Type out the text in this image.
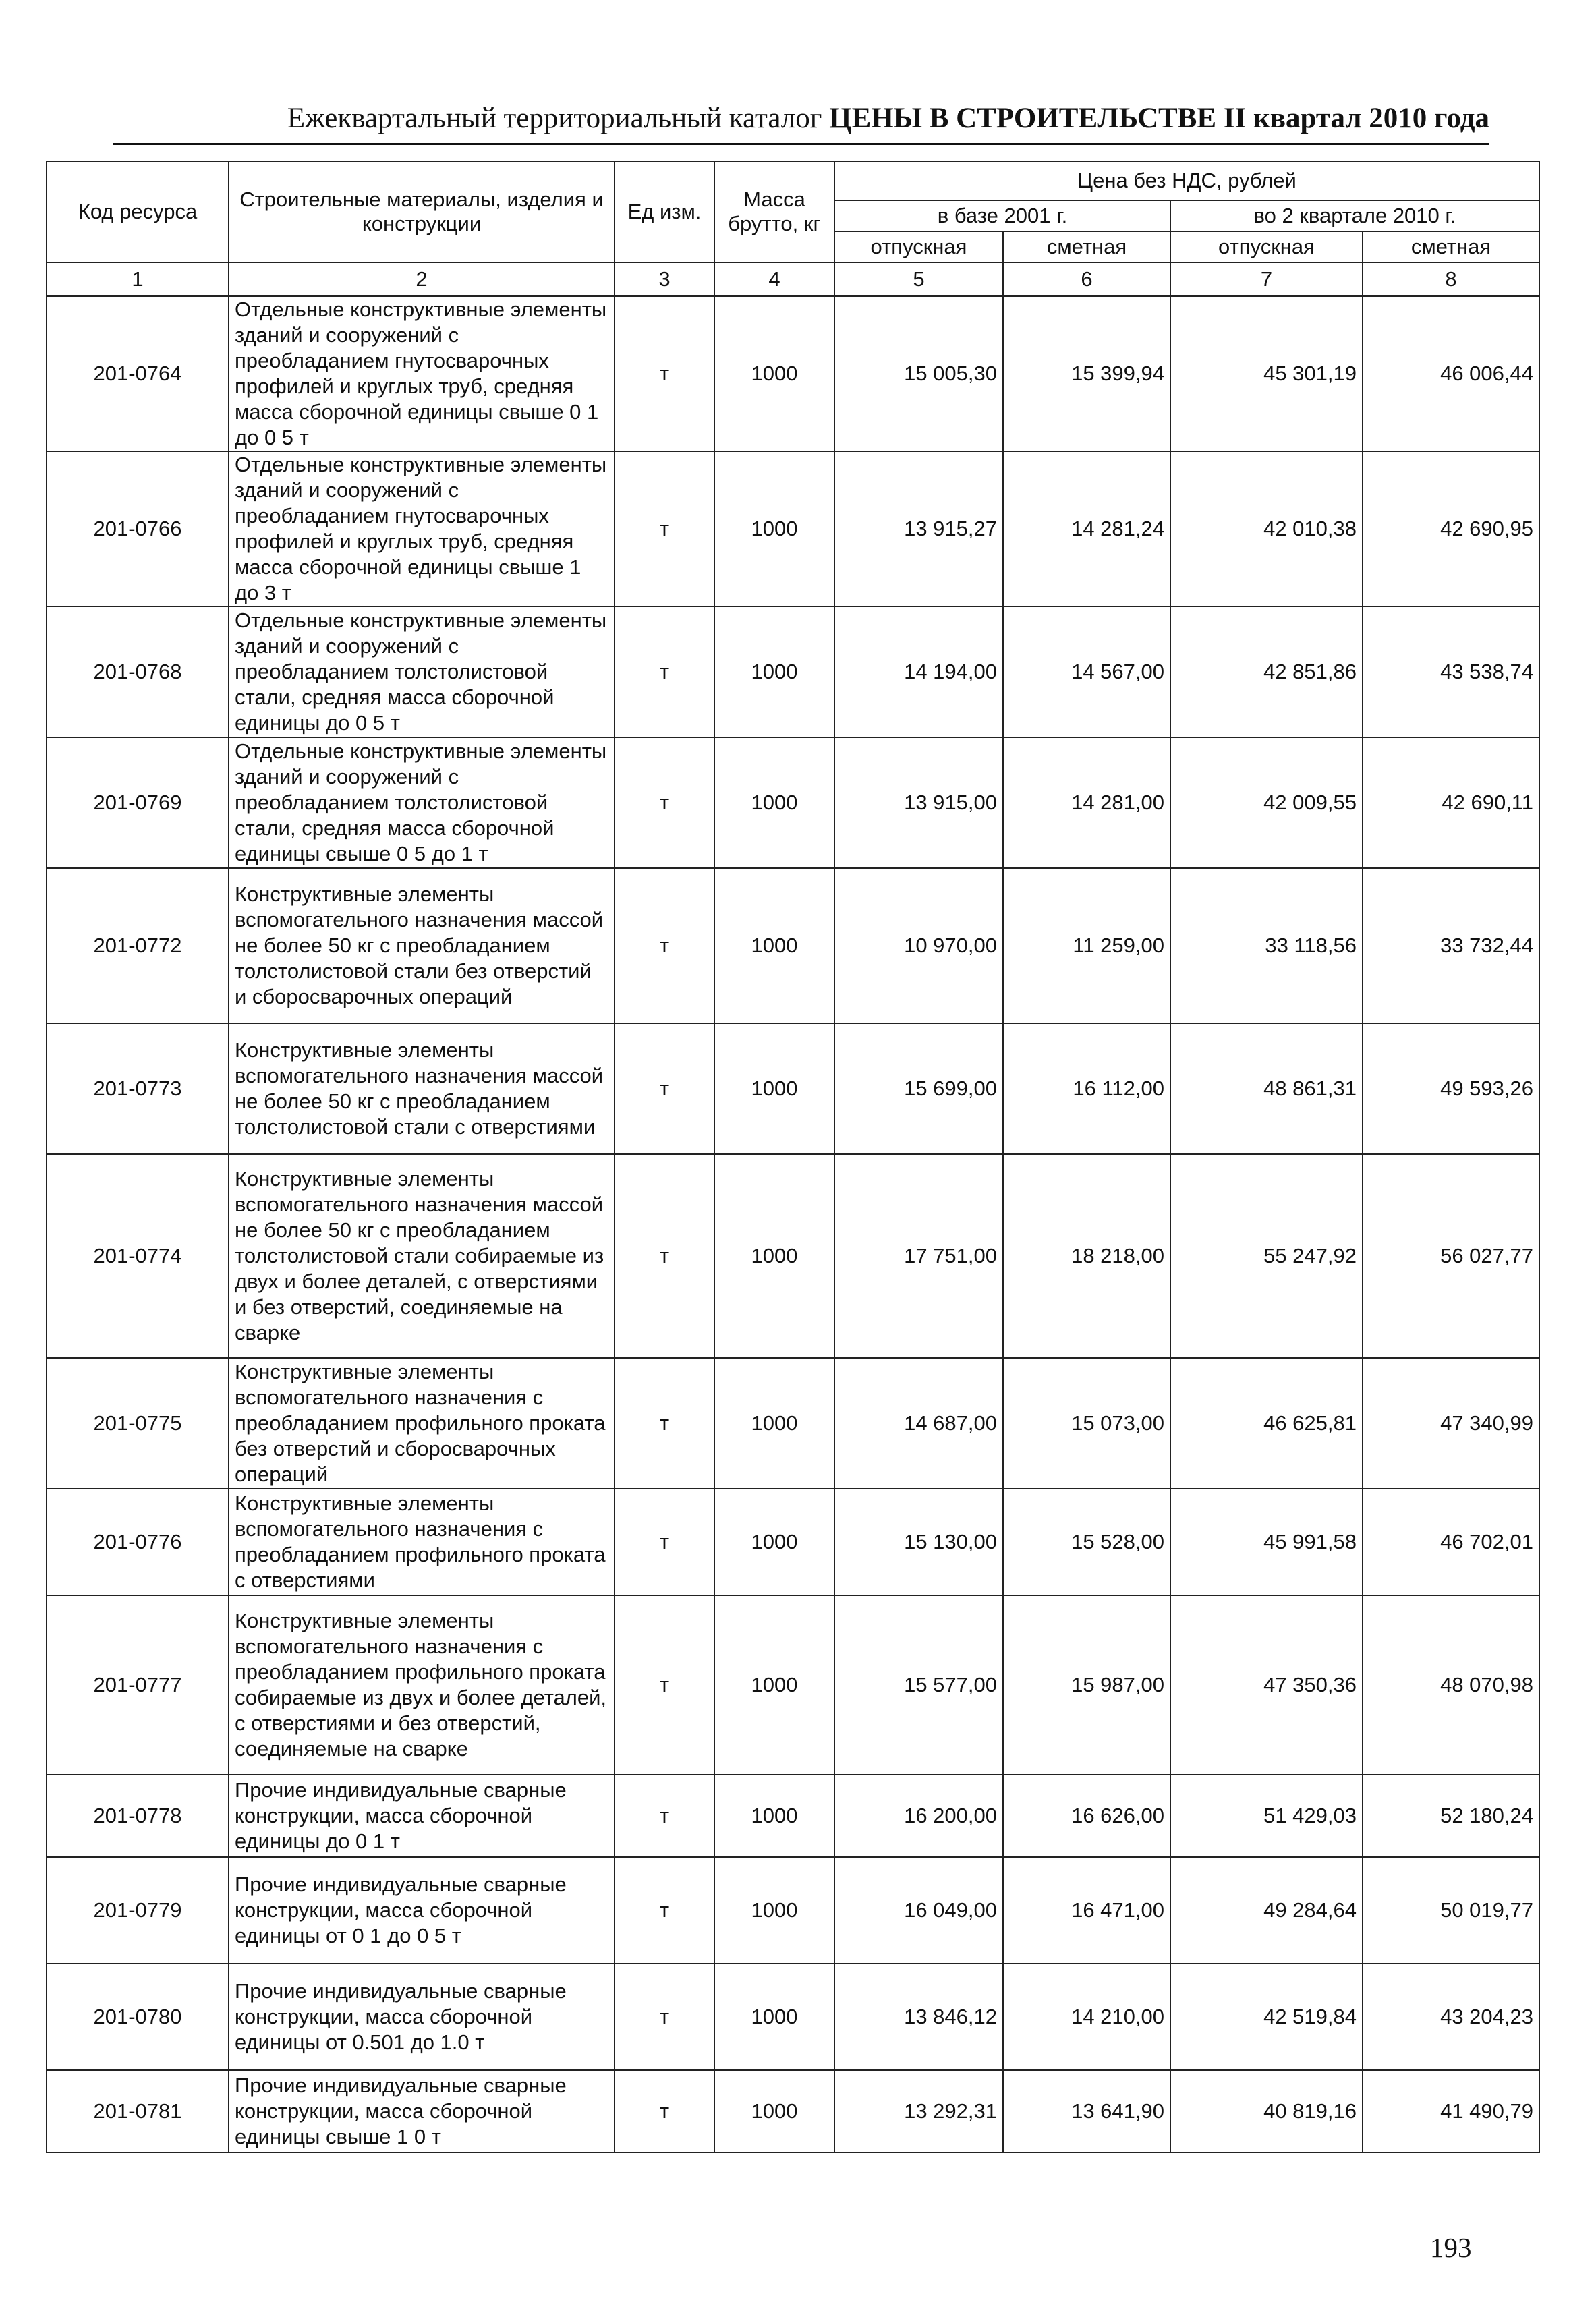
Ежеквартальный территориальный каталог ЦЕНЫ В СТРОИТЕЛЬСТВЕ II квартал 2010 года
Код ресурса	Строительные материалы, изделия и конструкции	Ед изм.	Масса брутто, кг	Цена без НДС, рублей			
				в базе 2001 г.		во 2 квартале 2010 г.	
				отпускная	сметная	отпускная	сметная
1	2	3	4	5	6	7	8
201-0764	Отдельные конструктивные элементы зданий и сооружений с преобладанием гнутосварочных профилей и круглых труб, средняя масса сборочной единицы свыше 0 1 до 0 5 т	т	1000	15 005,30	15 399,94	45 301,19	46 006,44
201-0766	Отдельные конструктивные элементы зданий и сооружений с преобладанием гнутосварочных профилей и круглых труб, средняя масса сборочной единицы свыше 1 до 3 т	т	1000	13 915,27	14 281,24	42 010,38	42 690,95
201-0768	Отдельные конструктивные элементы зданий и сооружений с преобладанием толстолистовой стали, средняя масса сборочной единицы до 0 5 т	т	1000	14 194,00	14 567,00	42 851,86	43 538,74
201-0769	Отдельные конструктивные элементы зданий и сооружений с преобладанием толстолистовой стали, средняя масса сборочной единицы свыше 0 5 до 1 т	т	1000	13 915,00	14 281,00	42 009,55	42 690,11
201-0772	Конструктивные элементы вспомогательного назначения массой не более 50 кг с преобладанием толстолистовой стали без отверстий и сборосварочных операций	т	1000	10 970,00	11 259,00	33 118,56	33 732,44
201-0773	Конструктивные элементы вспомогательного назначения массой не более 50 кг с преобладанием толстолистовой стали с отверстиями	т	1000	15 699,00	16 112,00	48 861,31	49 593,26
201-0774	Конструктивные элементы вспомогательного назначения массой не более 50 кг с преобладанием толстолистовой стали собираемые из двух и более деталей, с отверстиями и без отверстий, соединяемые на сварке	т	1000	17 751,00	18 218,00	55 247,92	56 027,77
201-0775	Конструктивные элементы вспомогательного назначения с преобладанием профильного проката без отверстий и сборосварочных операций	т	1000	14 687,00	15 073,00	46 625,81	47 340,99
201-0776	Конструктивные элементы вспомогательного назначения с преобладанием профильного проката с отверстиями	т	1000	15 130,00	15 528,00	45 991,58	46 702,01
201-0777	Конструктивные элементы вспомогательного назначения с преобладанием профильного проката собираемые из двух и более деталей, с отверстиями и без отверстий, соединяемые на сварке	т	1000	15 577,00	15 987,00	47 350,36	48 070,98
201-0778	Прочие индивидуальные сварные конструкции, масса сборочной единицы до 0 1 т	т	1000	16 200,00	16 626,00	51 429,03	52 180,24
201-0779	Прочие индивидуальные сварные конструкции, масса сборочной единицы от 0 1 до 0 5 т	т	1000	16 049,00	16 471,00	49 284,64	50 019,77
201-0780	Прочие индивидуальные сварные конструкции, масса сборочной единицы от 0.501 до 1.0 т	т	1000	13 846,12	14 210,00	42 519,84	43 204,23
201-0781	Прочие индивидуальные сварные конструкции, масса сборочной единицы свыше 1 0 т	т	1000	13 292,31	13 641,90	40 819,16	41 490,79
193
